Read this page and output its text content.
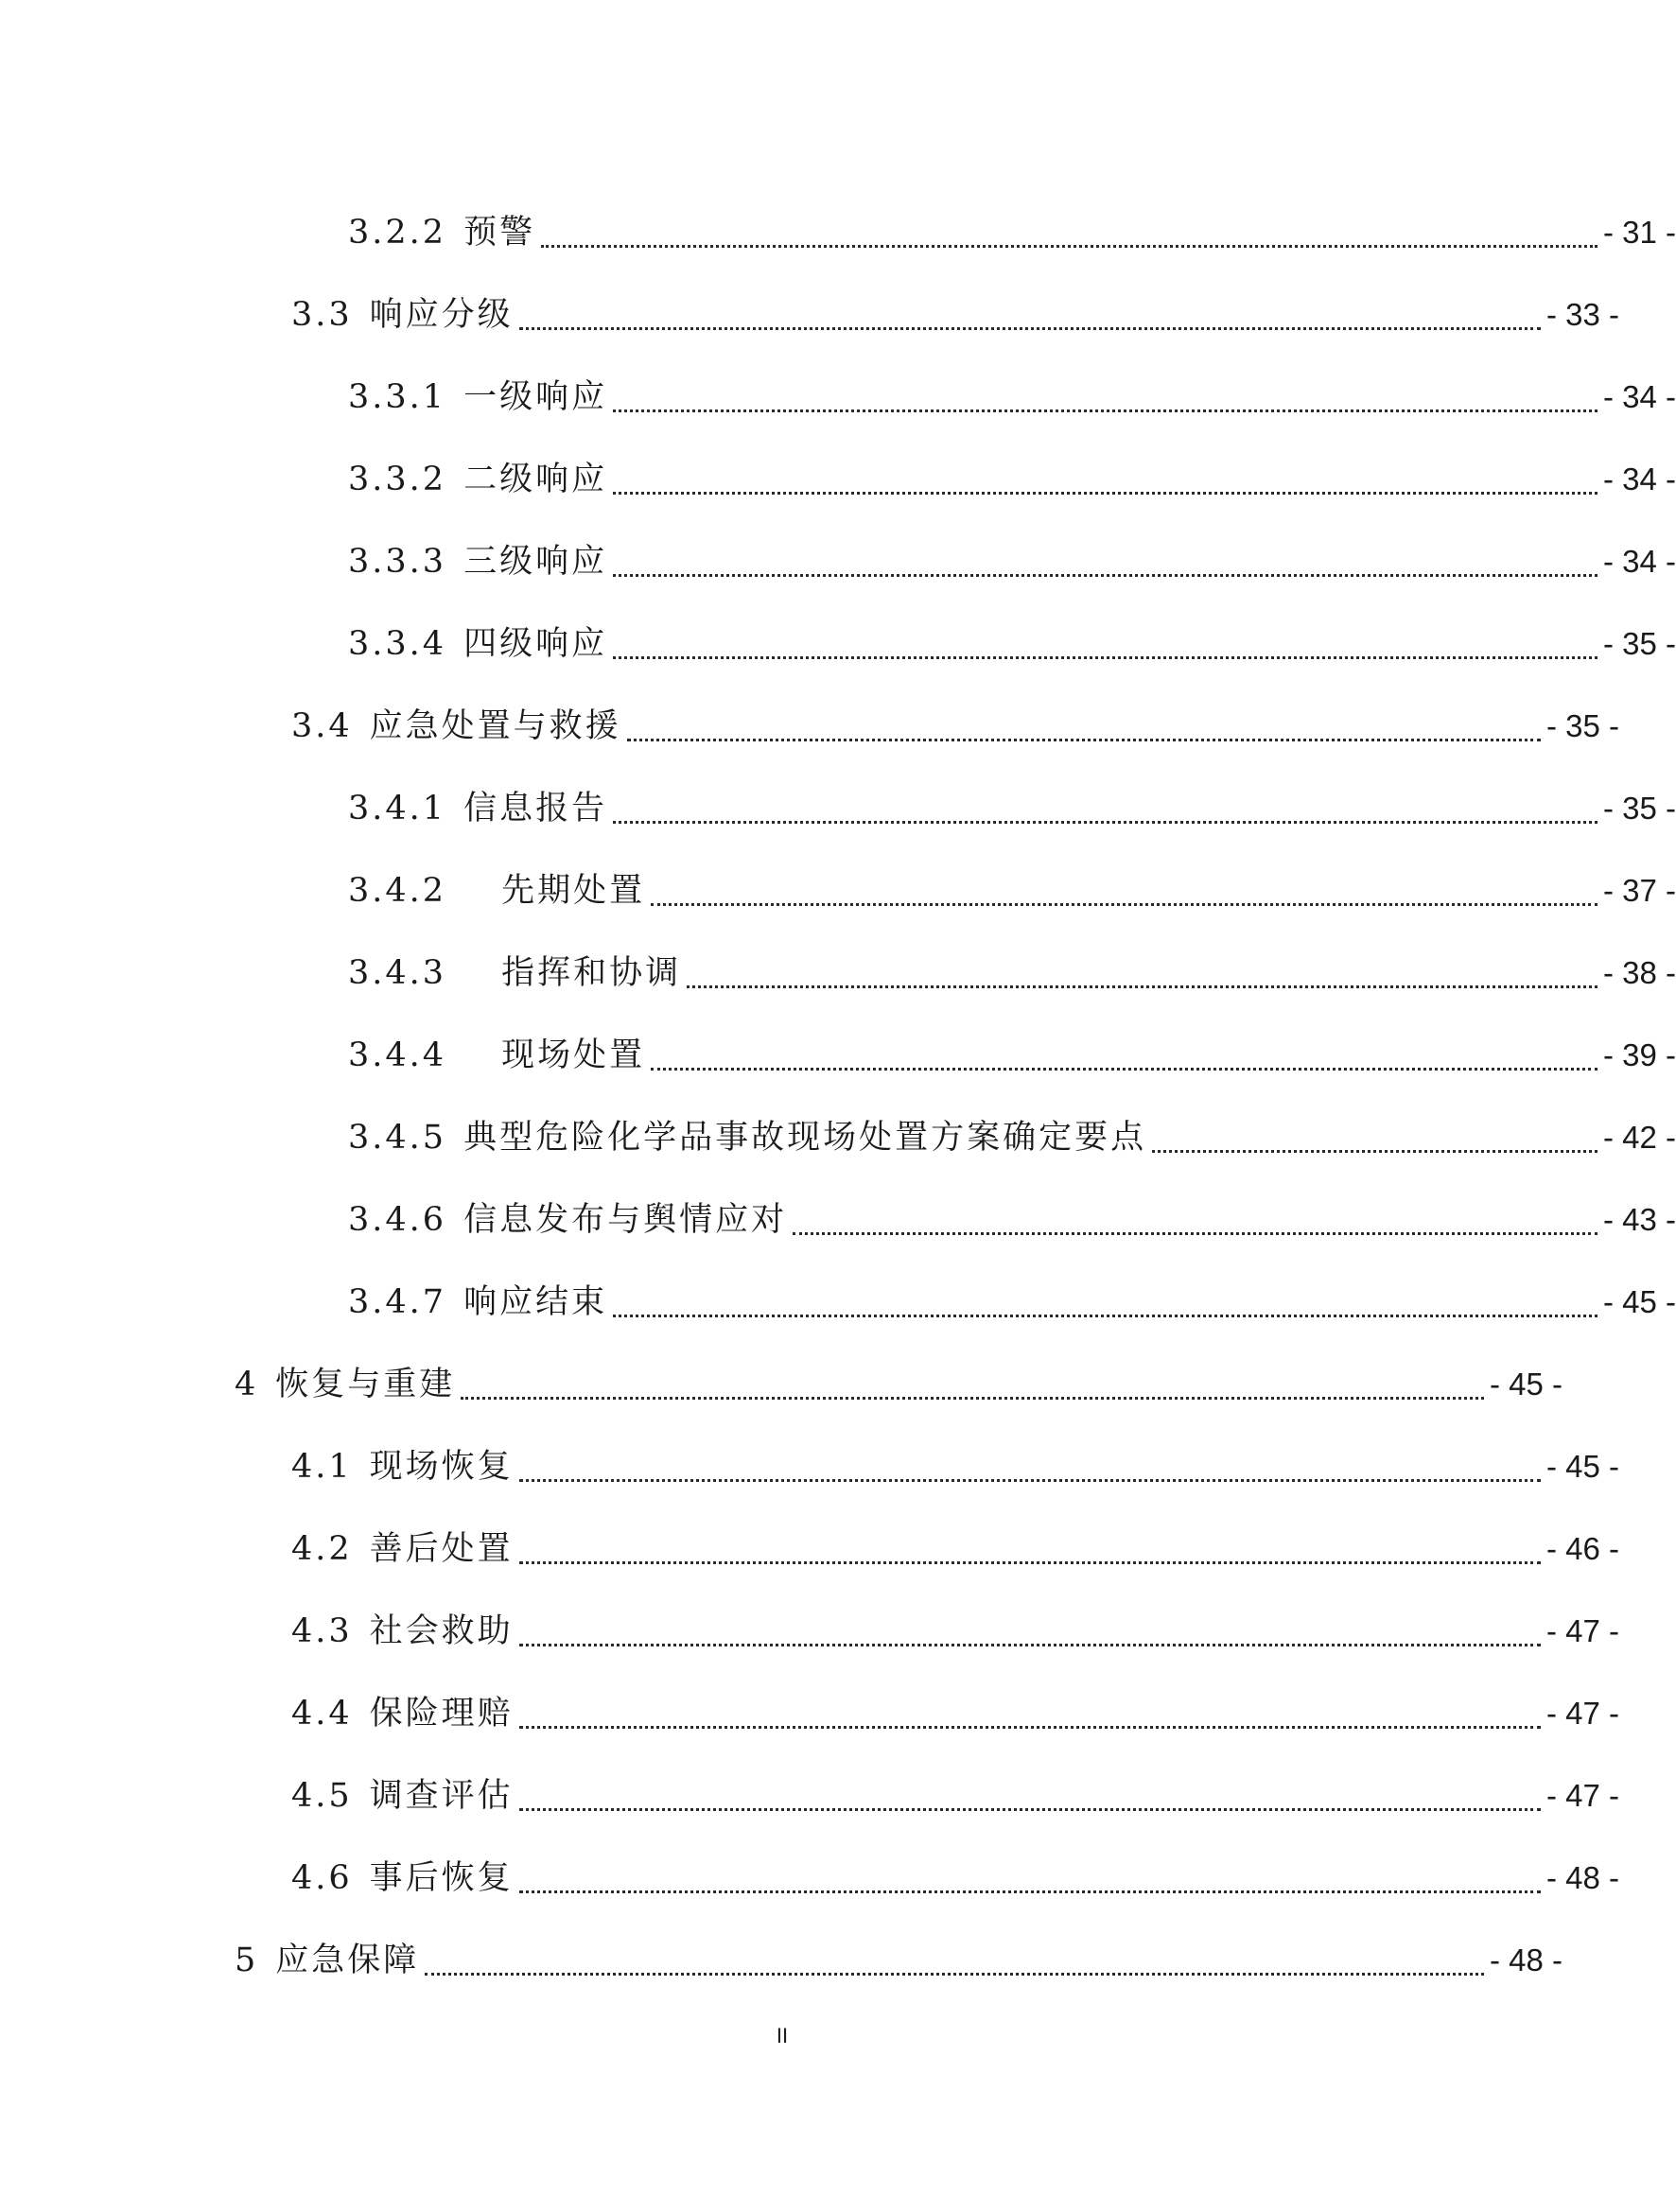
3.2.2 预警	- 31 -
3.3 响应分级	- 33 -
3.3.1 一级响应	- 34 -
3.3.2 二级响应	- 34 -
3.3.3 三级响应	- 34 -
3.3.4 四级响应	- 35 -
3.4 应急处置与救援	- 35 -
3.4.1 信息报告	- 35 -
3.4.2 先期处置	- 37 -
3.4.3 指挥和协调	- 38 -
3.4.4 现场处置	- 39 -
3.4.5 典型危险化学品事故现场处置方案确定要点	- 42 -
3.4.6 信息发布与舆情应对	- 43 -
3.4.7 响应结束	- 45 -
4 恢复与重建	- 45 -
4.1 现场恢复	- 45 -
4.2 善后处置	- 46 -
4.3 社会救助	- 47 -
4.4 保险理赔	- 47 -
4.5 调查评估	- 47 -
4.6 事后恢复	- 48 -
5 应急保障	- 48 -
II
